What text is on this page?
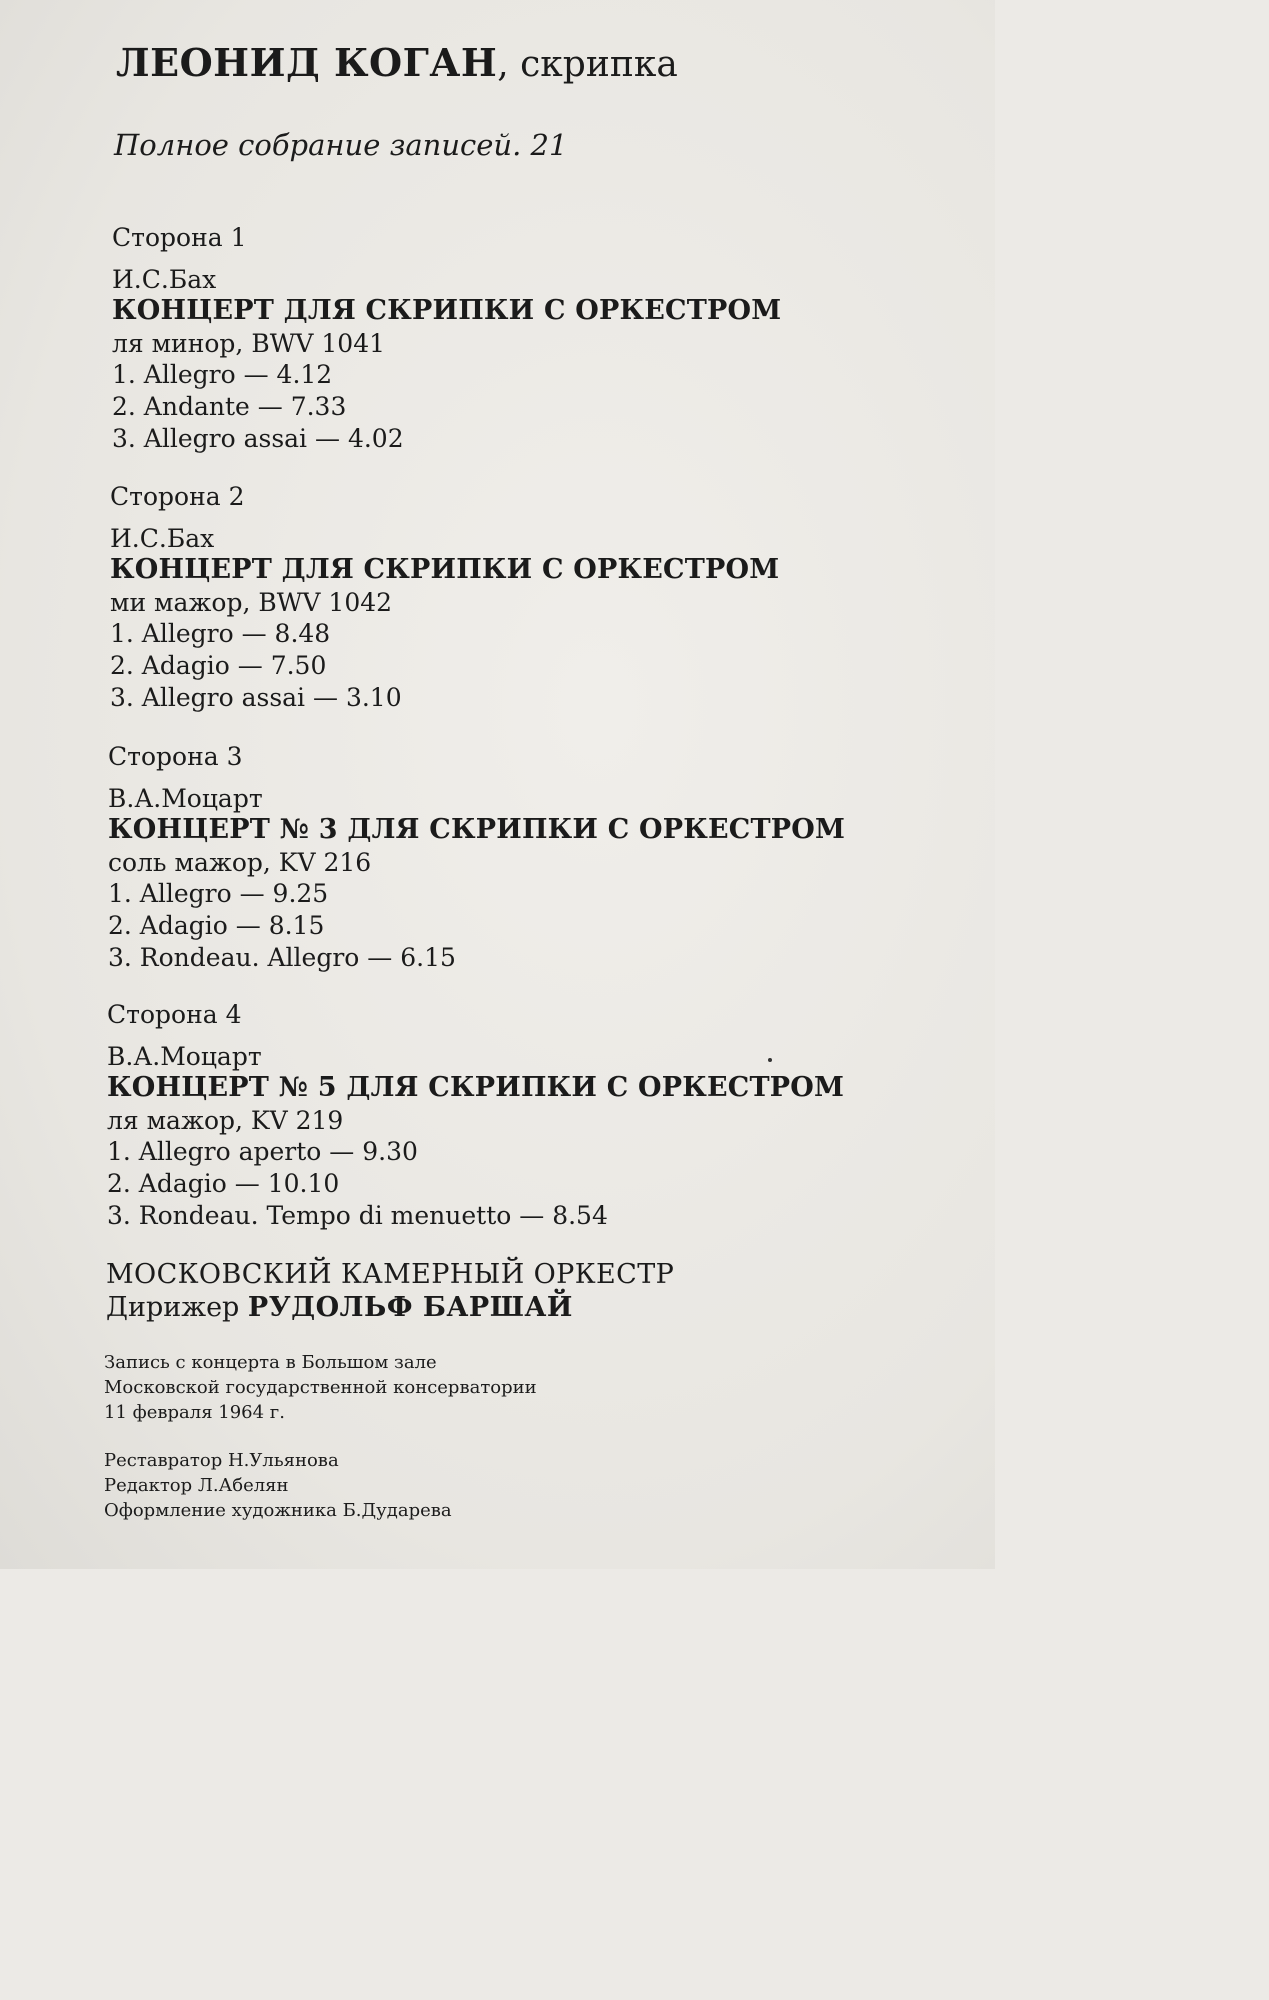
ЛЕОНИД КОГАН, скрипка
Полное собрание записей. 21
Сторона 1
И.С.Бах
КОНЦЕРТ ДЛЯ СКРИПКИ С ОРКЕСТРОМ
ля минор, BWV 1041
1. Allegro — 4.12
2. Andante — 7.33
3. Allegro assai — 4.02
Сторона 2
И.С.Бах
КОНЦЕРТ ДЛЯ СКРИПКИ С ОРКЕСТРОМ
ми мажор, BWV 1042
1. Allegro — 8.48
2. Adagio — 7.50
3. Allegro assai — 3.10
Сторона 3
В.А.Моцарт
КОНЦЕРТ № 3 ДЛЯ СКРИПКИ С ОРКЕСТРОМ
соль мажор, KV 216
1. Allegro — 9.25
2. Adagio — 8.15
3. Rondeau. Allegro — 6.15
Сторона 4
В.А.Моцарт
КОНЦЕРТ № 5 ДЛЯ СКРИПКИ С ОРКЕСТРОМ
ля мажор, KV 219
1. Allegro aperto — 9.30
2. Adagio — 10.10
3. Rondeau. Tempo di menuetto — 8.54
МОСКОВСКИЙ КАМЕРНЫЙ ОРКЕСТР
Дирижер РУДОЛЬФ БАРШАЙ
Запись с концерта в Большом зале
Московской государственной консерватории
11 февраля 1964 г.
Реставратор Н.Ульянова
Редактор Л.Абелян
Оформление художника Б.Дударева
